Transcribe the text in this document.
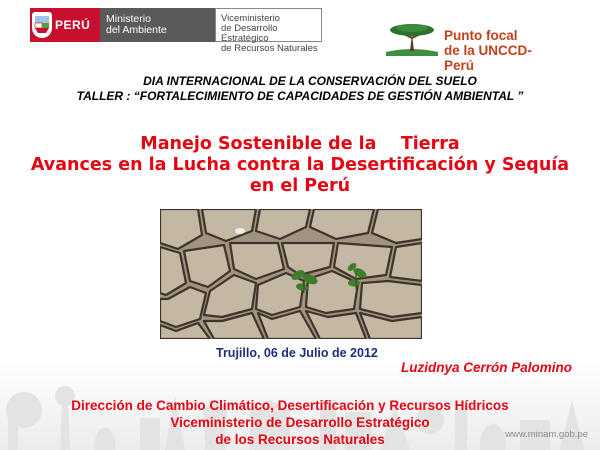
PERÚ Ministerio
del Ambiente
Viceministerio
de Desarrollo Estratégico
de Recursos Naturales
Punto focal
de la UNCCD-Perú
DIA INTERNACIONAL DE LA CONSERVACIÓN DEL SUELO
TALLER : “FORTALECIMIENTO DE CAPACIDADES DE GESTIÓN AMBIENTAL ”
Manejo Sostenible de la    Tierra
Avances en la Lucha contra la Desertificación y Sequía
en el Perú
Trujillo, 06 de Julio de 2012
Luzidnya Cerrón Palomino
Dirección de Cambio Climático, Desertificación y Recursos Hídricos
Viceministerio de Desarrollo Estratégico
de los Recursos Naturales	www.minam.gob.pe
